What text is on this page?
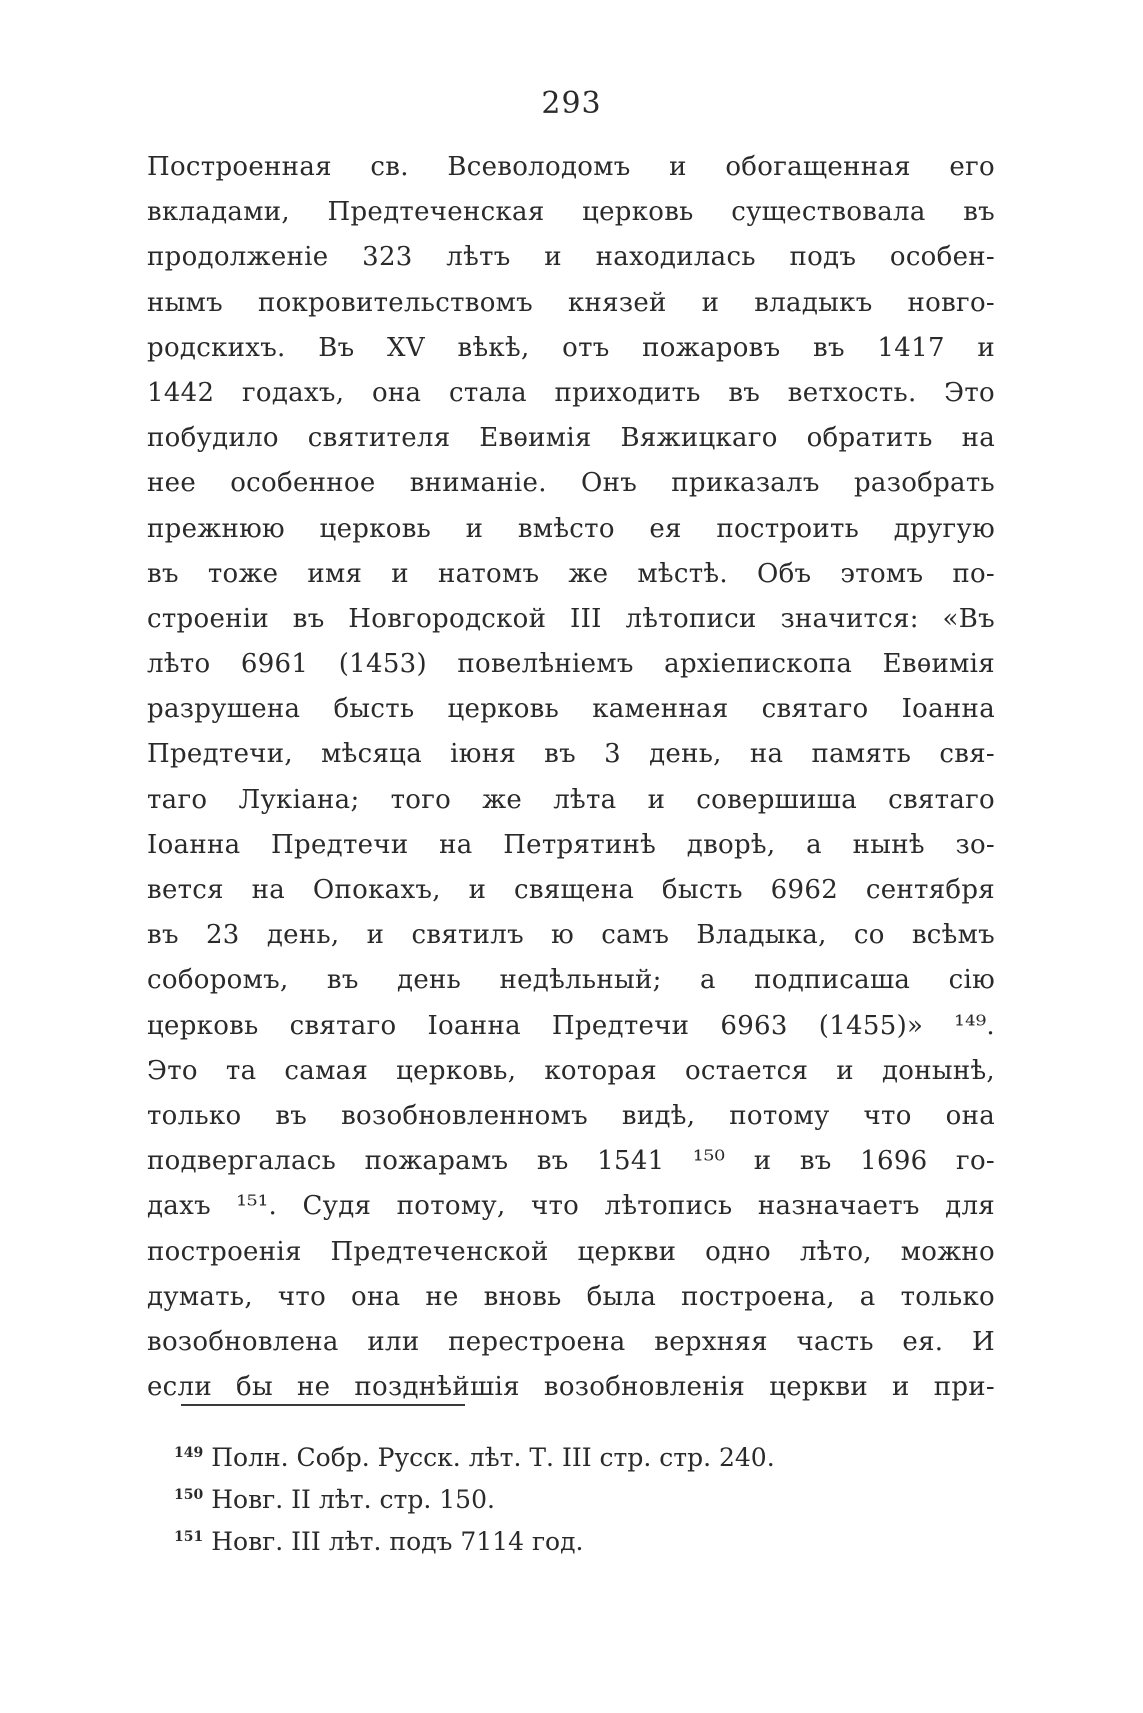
293
Построенная св. Всеволодомъ и обогащенная его
вкладами, Предтеченская церковь существовала въ
продолженіе 323 лѣтъ и находилась подъ особен-
нымъ покровительствомъ князей и владыкъ новго-
родскихъ. Въ XV вѣкѣ, отъ пожаровъ въ 1417 и
1442 годахъ, она стала приходить въ ветхость. Это
побудило святителя Евѳимія Вяжицкаго обратить на
нее особенное вниманіе. Онъ приказалъ разобрать
прежнюю церковь и вмѣсто ея построить другую
въ тоже имя и натомъ же мѣстѣ. Объ этомъ по-
строеніи въ Новгородской III лѣтописи значится: «Въ
лѣто 6961 (1453) повелѣніемъ архіепископа Евѳимія
разрушена бысть церковь каменная святаго Іоанна
Предтечи, мѣсяца іюня въ 3 день, на память свя-
таго Лукіана; того же лѣта и совершиша святаго
Іоанна Предтечи на Петрятинѣ дворѣ, а нынѣ зо-
вется на Опокахъ, и священа бысть 6962 сентября
въ 23 день, и святилъ ю самъ Владыка, со всѣмъ
соборомъ, въ день недѣльный; а подписаша сію
церковь святаго Іоанна Предтечи 6963 (1455)» ¹⁴⁹.
Это та самая церковь, которая остается и донынѣ,
только въ возобновленномъ видѣ, потому что она
подвергалась пожарамъ въ 1541 ¹⁵⁰ и въ 1696 го-
дахъ ¹⁵¹. Судя потому, что лѣтопись назначаетъ для
построенія Предтеченской церкви одно лѣто, можно
думать, что она не вновь была построена, а только
возобновлена или перестроена верхняя часть ея. И
если бы не позднѣйшія возобновленія церкви и при-
$^{149}$ Полн. Собр. Русск. лѣт. Т. III стр. стр. 240.
$^{150}$ Новг. II лѣт. стр. 150.
$^{151}$ Новг. III лѣт. подъ 7114 год.
